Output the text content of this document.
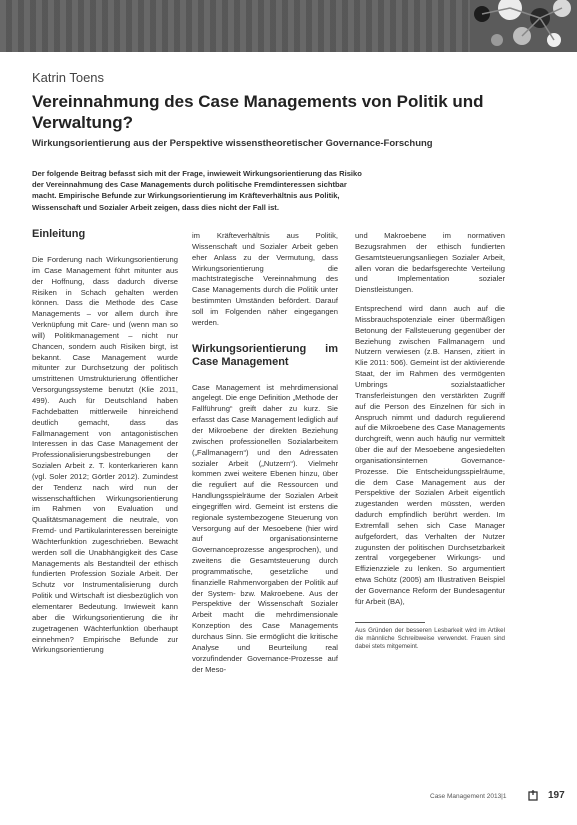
Katrin Toens
Vereinnahmung des Case Managements von Politik und Verwaltung?
Wirkungsorientierung aus der Perspektive wissenstheoretischer Governance-Forschung
Der folgende Beitrag befasst sich mit der Frage, inwieweit Wirkungsorientierung das Risiko der Vereinnahmung des Case Managements durch politische Fremdinteressen sichtbar macht. Empirische Befunde zur Wirkungsorientierung im Kräfteverhältnis aus Politik, Wissenschaft und Sozialer Arbeit zeigen, dass dies nicht der Fall ist.
Einleitung

Die Forderung nach Wirkungsorientierung im Case Management führt mitunter aus der Hoffnung, dass dadurch diverse Risiken in Schach gehalten werden können. Dass die Methode des Case Managements – vor allem durch ihre Verknüpfung mit Care- und (wenn man so will) Politikmanagement – nicht nur Chancen, sondern auch Risiken birgt, ist bekannt. Case Management wurde mitunter zur Durchsetzung der politisch umstrittenen Umstrukturierung öffentlicher Versorgungssysteme benutzt (Klie 2011, 499). Auch für Deutschland haben Fachdebatten mittlerweile hinreichend deutlich gemacht, dass das Fallmanagement von antagonistischen Interessen in das Case Management der Professionalisierungsbestrebungen der Sozialen Arbeit z. T. konterkarieren kann (vgl. Soler 2012; Görtler 2012). Zumindest der Tendenz nach wird nun der wissenschaftlichen Wirkungsorientierung im Rahmen von Evaluation und Qualitätsmanagement die neutrale, von Fremd- und Partikularinteressen bereinigte Wächterfunktion zugeschrieben. Bewacht werden soll die Unabhängigkeit des Case Managements als Bestandteil der ethisch fundierten Profession Soziale Arbeit. Der Schutz vor Instrumentalisierung durch Politik und Wirtschaft ist diesbezüglich von elementarer Bedeutung. Inwieweit kann aber die Wirkungsorientierung die ihr zugetragenen Wächterfunktion überhaupt einnehmen? Empirische Befunde zur Wirkungsorientierung

im Kräfteverhältnis aus Politik, Wissenschaft und Sozialer Arbeit geben eher Anlass zu der Vermutung, dass Wirkungsorientierung die machtstrategische Vereinnahmung des Case Managements durch die Politik unter bestimmten Umständen befördert. Darauf soll im Folgenden näher eingegangen werden.

Wirkungsorientierung im Case Management

Case Management ist mehrdimensional angelegt. Die enge Definition „Methode der Fallführung“ greift daher zu kurz. Sie erfasst das Case Management lediglich auf der Mikroebene der direkten Beziehung zwischen professionellen Sozialarbeitern („Fallmanagern“) und den Adressaten sozialer Arbeit („Nutzern“). Vielmehr kommen zwei weitere Ebenen hinzu, über die reguliert auf die Ressourcen und Handlungsspielräume der Sozialen Arbeit eingegriffen wird. Gemeint ist erstens die regionale systembezogene Steuerung von Versorgung auf der Mesoebene (hier wird auf organisationsinterne Governanceprozesse angesprochen), und zweitens die Gesamtsteuerung durch programmatische, gesetzliche und finanzielle Rahmenvorgaben der Politik auf der System- bzw. Makroebene. Aus der Perspektive der Wissenschaft Sozialer Arbeit macht die mehrdimensionale Konzeption des Case Managements durchaus Sinn. Sie ermöglicht die kritische Analyse und Beurteilung real vorzufindender Governance-Prozesse auf der Meso-

und Makroebene im normativen Bezugsrahmen der ethisch fundierten Gesamtsteuerungsanliegen Sozialer Arbeit, allen voran die bedarfsgerechte Verteilung und Implementation sozialer Dienstleistungen.

Entsprechend wird dann auch auf die Missbrauchspotenziale einer übermäßigen Betonung der Fallsteuerung gegenüber der Beziehung zwischen Fallmanagern und Nutzern verwiesen (z.B. Hansen, zitiert in Klie 2011: 506). Gemeint ist der aktivierende Staat, der im Rahmen des vermögenten Umbrings sozialstaatlicher Transferleistungen den verstärkten Zugriff auf die Person des Einzelnen für sich in Anspruch nimmt und dadurch regulierend auf die Mikroebene des Case Managements durchgreift, wenn auch häufig nur vermittelt über die auf der Mesoebene angesiedelten organisationsinternen Governance-Prozesse. Die Entscheidungsspielräume, die dem Case Management aus der Perspektive der Sozialen Arbeit eigentlich zugestanden werden müssten, werden dadurch empfindlich berührt werden. Im Extremfall sehen sich Case Manager aufgefordert, das Verhalten der Nutzer zugunsten der politischen Durchsetzbarkeit zentral vorgegebener Wirkungs- und Effizienzziele zu lenken. So argumentiert etwa Schütz (2005) am Illustrativen Beispiel der Governance Reform der Bundesagentur für Arbeit (BA),

Aus Gründen der besseren Lesbarkeit wird im Artikel die männliche Schreibweise verwendet. Frauen sind dabei stets mitgemeint.
Case Management 2013|1	197
